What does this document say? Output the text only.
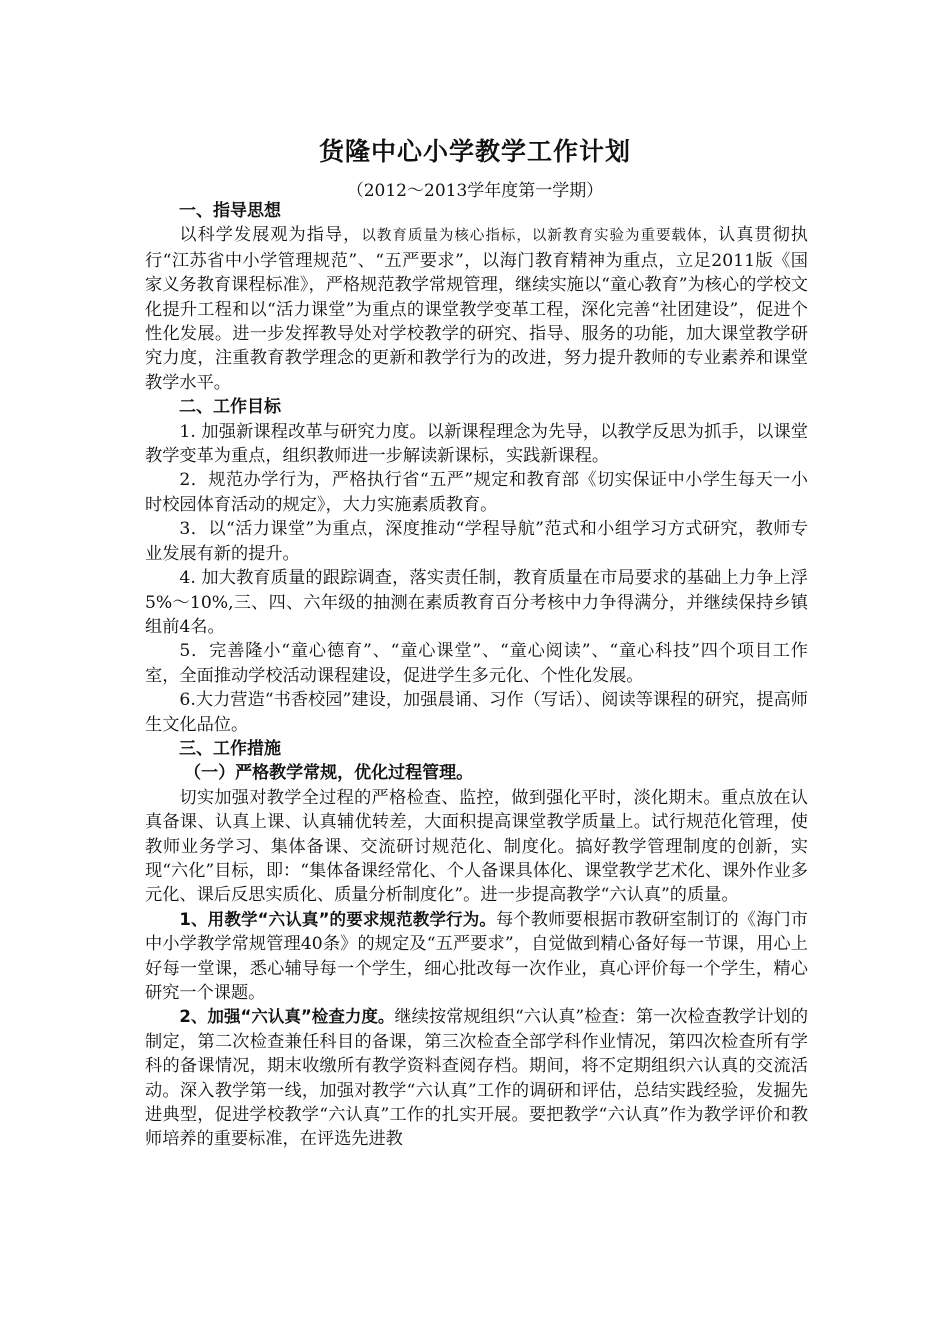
货隆中心小学教学工作计划
（2012～2013学年度第一学期）

一、指导思想

以科学发展观为指导，以教育质量为核心指标，以新教育实验为重要载体，认真贯彻执行“江苏省中小学管理规范”、“五严要求”，以海门教育精神为重点，立足2011版《国家义务教育课程标准》，严格规范教学常规管理，继续实施以“童心教育”为核心的学校文化提升工程和以“活力课堂”为重点的课堂教学变革工程，深化完善“社团建设”，促进个性化发展。进一步发挥教导处对学校教学的研究、指导、服务的功能，加大课堂教学研究力度，注重教育教学理念的更新和教学行为的改进，努力提升教师的专业素养和课堂教学水平。

二、工作目标

1. 加强新课程改革与研究力度。以新课程理念为先导，以教学反思为抓手，以课堂教学变革为重点，组织教师进一步解读新课标，实践新课程。

2．规范办学行为，严格执行省“五严”规定和教育部《切实保证中小学生每天一小时校园体育活动的规定》，大力实施素质教育。

3．以“活力课堂”为重点，深度推动“学程导航”范式和小组学习方式研究，教师专业发展有新的提升。

4. 加大教育质量的跟踪调查，落实责任制，教育质量在市局要求的基础上力争上浮5%～10%,三、四、六年级的抽测在素质教育百分考核中力争得满分，并继续保持乡镇组前4名。

5．完善隆小“童心德育”、“童心课堂”、“童心阅读”、“童心科技”四个项目工作室，全面推动学校活动课程建设，促进学生多元化、个性化发展。

6.大力营造“书香校园”建设，加强晨诵、习作（写话）、阅读等课程的研究，提高师生文化品位。

三、工作措施

（一）严格教学常规，优化过程管理。

切实加强对教学全过程的严格检查、监控，做到强化平时，淡化期末。重点放在认真备课、认真上课、认真辅优转差，大面积提高课堂教学质量上。试行规范化管理，使教师业务学习、集体备课、交流研讨规范化、制度化。搞好教学管理制度的创新，实现“六化”目标，即：“集体备课经常化、个人备课具体化、课堂教学艺术化、课外作业多元化、课后反思实质化、质量分析制度化”。进一步提高教学“六认真”的质量。

1、用教学“六认真”的要求规范教学行为。每个教师要根据市教研室制订的《海门市中小学教学常规管理40条》的规定及“五严要求”，自觉做到精心备好每一节课，用心上好每一堂课，悉心辅导每一个学生，细心批改每一次作业，真心评价每一个学生，精心研究一个课题。

2、加强“六认真”检查力度。继续按常规组织“六认真”检查：第一次检查教学计划的制定，第二次检查兼任科目的备课，第三次检查全部学科作业情况，第四次检查所有学科的备课情况，期末收缴所有教学资料查阅存档。期间，将不定期组织六认真的交流活动。深入教学第一线，加强对教学“六认真”工作的调研和评估，总结实践经验，发掘先进典型，促进学校教学“六认真”工作的扎实开展。要把教学“六认真”作为教学评价和教师培养的重要标准，在评选先进教
